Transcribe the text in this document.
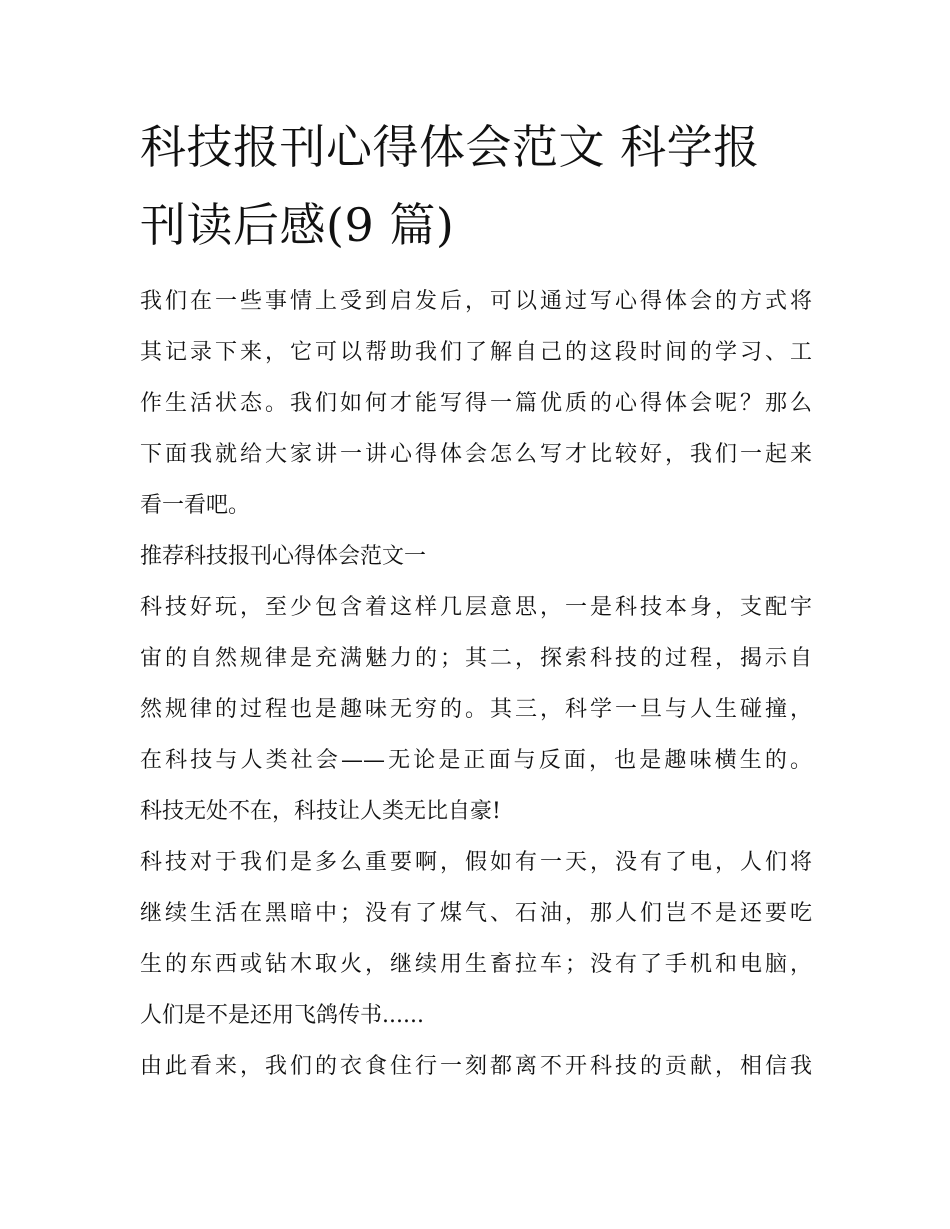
科技报刊心得体会范文 科学报
刊读后感(9 篇)

我们在一些事情上受到启发后，可以通过写心得体会的方式将
其记录下来，它可以帮助我们了解自己的这段时间的学习、工
作生活状态。我们如何才能写得一篇优质的心得体会呢？那么
下面我就给大家讲一讲心得体会怎么写才比较好，我们一起来
看一看吧。

推荐科技报刊心得体会范文一

科技好玩，至少包含着这样几层意思，一是科技本身，支配宇
宙的自然规律是充满魅力的；其二，探索科技的过程，揭示自
然规律的过程也是趣味无穷的。其三，科学一旦与人生碰撞，
在科技与人类社会——无论是正面与反面，也是趣味横生的。
科技无处不在，科技让人类无比自豪!

科技对于我们是多么重要啊，假如有一天，没有了电，人们将
继续生活在黑暗中；没有了煤气、石油，那人们岂不是还要吃
生的东西或钻木取火，继续用生畜拉车；没有了手机和电脑，
人们是不是还用飞鸽传书......

由此看来，我们的衣食住行一刻都离不开科技的贡献，相信我
